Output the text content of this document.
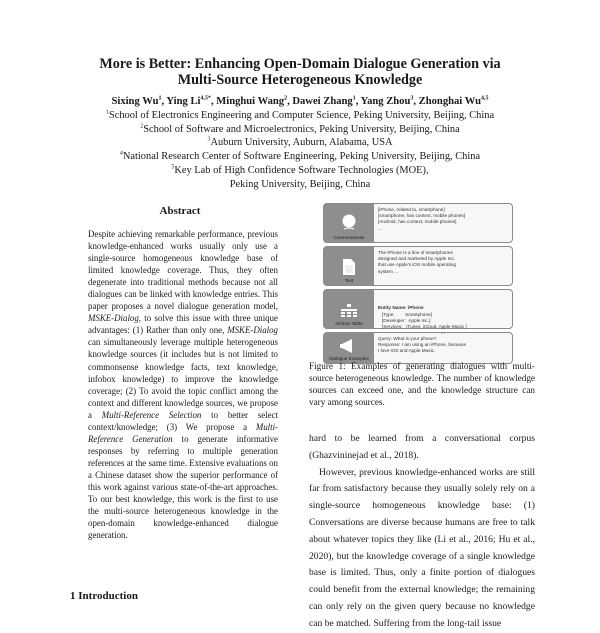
More is Better: Enhancing Open-Domain Dialogue Generation via
Multi-Source Heterogeneous Knowledge
Sixing Wu$^1$, Ying $Li^{4,5*}$, Minghui Wang$^2$, Dawei Zhang$^1$, Yang Zhou$^3$, Zhonghai Wu$^{4,5}$
$^1$School of Electronics Engineering and Computer Science, Peking University, Beijing, China
$^2$School of Software and Microelectronics, Peking University, Beijing, China
$^3$Auburn University, Auburn, Alabama, USA
$^4$National Research Center of Software Engineering, Peking University, Beijing, China
$^5$Key Lab of High Confidence Software Technologies (MOE),
Peking University, Beijing, China
Abstract
Despite achieving remarkable performance, previous knowledge-enhanced works usually only use a single-source homogeneous knowledge base of limited knowledge coverage. Thus, they often degenerate into traditional methods because not all dialogues can be linked with knowledge entries. This paper proposes a novel dialogue generation model, MSKE-Dialog, to solve this issue with three unique advantages: (1) Rather than only one, MSKE-Dialog can simultaneously leverage multiple heterogeneous knowledge sources (it includes but is not limited to commonsense knowledge facts, text knowledge, infobox knowledge) to improve the knowledge coverage; (2) To avoid the topic conflict among the context and different knowledge sources, we propose a Multi-Reference Selection to better select context/knowledge; (3) We propose a Multi-Reference Generation to generate informative responses by referring to multiple generation references at the same time. Extensive evaluations on a Chinese dataset show the superior performance of this work against various state-of-the-art approaches. To our best knowledge, this work is the first to use the multi-source heterogeneous knowledge in the open-domain knowledge-enhanced dialogue generation.
1 Introduction
Commonsense
[iPhone, related to, smartphone]
[smartphone, has context, mobile phones]
[Android, has context, mobile phones]
...
Text
The iPhone is a line of smartphones
designed and marketed by Apple Inc.
that use Apple's iOS mobile operating
system ...
Infobox Table

Entity Name: iPhone
[Type:        Smartphone]
[Developer:  Apple Inc.]
[Services:   iTunes, iCloud, Apple Music ]
...

Dialogue Examples
Query: What is your phone?
Response: I am using an iPhone, because
I love iOS and Apple Music.
Figure 1: Examples of generating dialogues with multi-source heterogeneous knowledge. The number of knowledge sources can exceed one, and the knowledge structure can vary among sources.

hard to be learned from a conversational corpus (Ghazvininejad et al., 2018).

However, previous knowledge-enhanced works are still far from satisfactory because they usually solely rely on a single-source homogeneous knowledge base: (1) Conversations are diverse because humans are free to talk about whatever topics they like (Li et al., 2016; Hu et al., 2020), but the knowledge coverage of a single knowledge base is limited. Thus, only a finite portion of dialogues could benefit from the external knowledge; the remaining can only rely on the given query because no knowledge can be matched. Suffering from the long-tail issue
